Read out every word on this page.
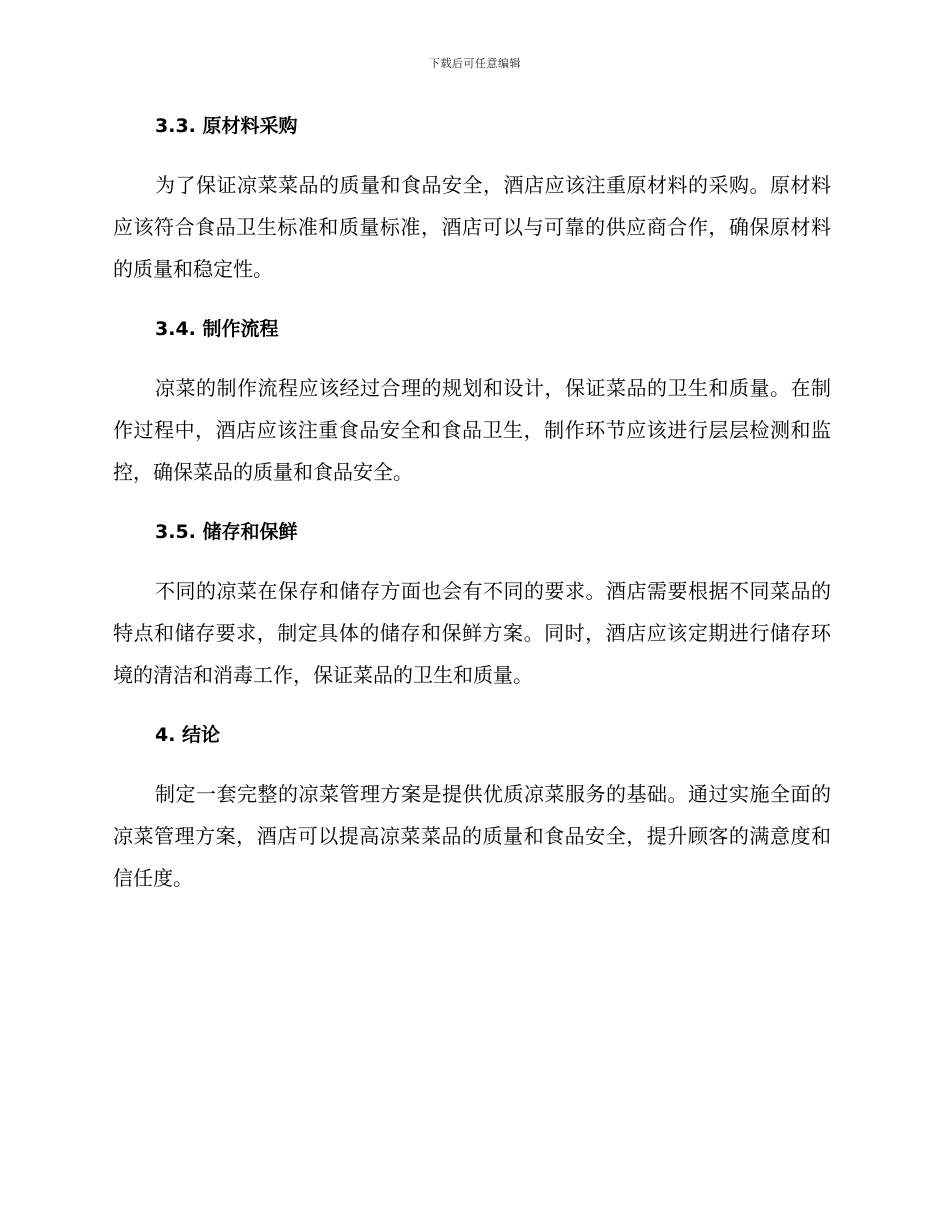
下载后可任意编辑
3.3. 原材料采购

为了保证凉菜菜品的质量和食品安全，酒店应该注重原材料的采购。原材料应该符合食品卫生标准和质量标准，酒店可以与可靠的供应商合作，确保原材料的质量和稳定性。

3.4. 制作流程

凉菜的制作流程应该经过合理的规划和设计，保证菜品的卫生和质量。在制作过程中，酒店应该注重食品安全和食品卫生，制作环节应该进行层层检测和监控，确保菜品的质量和食品安全。

3.5. 储存和保鲜

不同的凉菜在保存和储存方面也会有不同的要求。酒店需要根据不同菜品的特点和储存要求，制定具体的储存和保鲜方案。同时，酒店应该定期进行储存环境的清洁和消毒工作，保证菜品的卫生和质量。

4. 结论

制定一套完整的凉菜管理方案是提供优质凉菜服务的基础。通过实施全面的凉菜管理方案，酒店可以提高凉菜菜品的质量和食品安全，提升顾客的满意度和信任度。
